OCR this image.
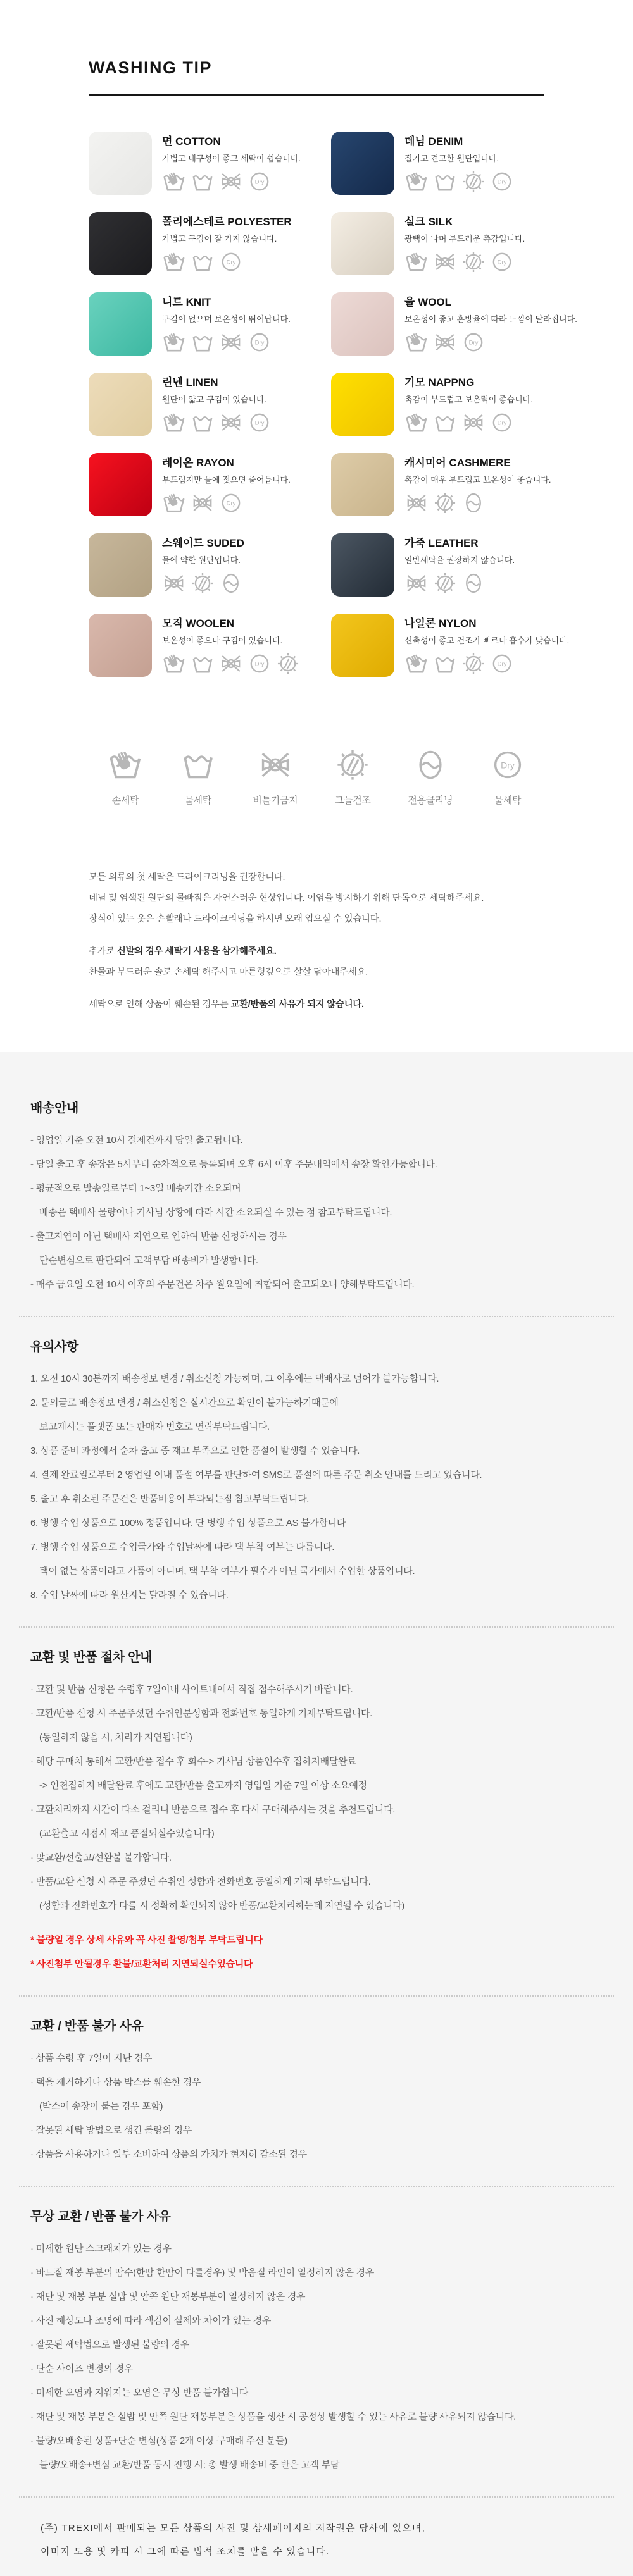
WASHING TIP
면 COTTON
가볍고 내구성이 좋고 세탁이 쉽습니다.
Dry
데님 DENIM
질기고 견고한 원단입니다.
Dry
폴리에스테르 POLYESTER
가볍고 구김이 잘 가지 않습니다.
Dry
실크 SILK
광택이 나며 부드러운 촉감입니다.
Dry
니트 KNIT
구김이 없으며 보온성이 뛰어납니다.
Dry
울 WOOL
보온성이 좋고 혼방율에 따라 느낌이 달라집니다.
Dry
린넨 LINEN
원단이 얇고 구김이 있습니다.
Dry
기모 NAPPNG
촉감이 부드럽고 보온력이 좋습니다.
Dry
레이온 RAYON
부드럽지만 물에 젖으면 줄어듭니다.
Dry
캐시미어 CASHMERE
촉감이 매우 부드럽고 보온성이 좋습니다.
스웨이드 SUDED
물에 약한 원단입니다.
가죽 LEATHER
일반세탁을 권장하지 않습니다.
모직 WOOLEN
보온성이 좋으나 구김이 있습니다.
Dry
나일론 NYLON
신축성이 좋고 건조가 빠르나 흡수가 낮습니다.
Dry
손세탁	물세탁	비틀기금지	그늘건조	전용클리닝
Dry
물세탁
모든 의류의 첫 세탁은 드라이크리닝을 권장합니다.
데님 및 염색된 원단의 물빠짐은 자연스러운 현상입니다. 이염을 방지하기 위해 단독으로 세탁해주세요.
장식이 있는 옷은 손빨래나 드라이크리닝을 하시면 오래 입으실 수 있습니다.
추가로 신발의 경우 세탁기 사용을 삼가해주세요.
찬물과 부드러운 솔로 손세탁 해주시고 마른헝겊으로 살살 닦아내주세요.
세탁으로 인해 상품이 훼손된 경우는 교환/반품의 사유가 되지 않습니다.
배송안내
- 영업일 기준 오전 10시 결제건까지 당일 출고됩니다.
- 당일 출고 후 송장은 5시부터 순차적으로 등록되며 오후 6시 이후 주문내역에서 송장 확인가능합니다.
- 평균적으로 발송일로부터 1~3일 배송기간 소요되며
배송은 택배사 물량이나 기사님 상황에 따라 시간 소요되실 수 있는 점 참고부탁드립니다.
- 출고지연이 아닌 택배사 지연으로 인하여 반품 신청하시는 경우
단순변심으로 판단되어 고객부담 배송비가 발생합니다.
- 매주 금요일 오전 10시 이후의 주문건은 차주 월요일에 취합되어 출고되오니 양해부탁드립니다.
유의사항
1. 오전 10시 30분까지 배송정보 변경 / 취소신청 가능하며, 그 이후에는 택배사로 넘어가 불가능합니다.
2. 문의글로 배송정보 변경 / 취소신청은 실시간으로 확인이 불가능하기때문에
보고계시는 플랫폼 또는 판매자 번호로 연락부탁드립니다.
3. 상품 준비 과정에서 순차 출고 중 재고 부족으로 인한 품절이 발생할 수 있습니다.
4. 결제 완료일로부터 2 영업일 이내 품절 여부를 판단하여 SMS로 품절에 따른 주문 취소 안내를 드리고 있습니다.
5. 출고 후 취소된 주문건은 반품비용이 부과되는점 참고부탁드립니다.
6. 병행 수입 상품으로 100% 정품입니다. 단 병행 수입 상품으로 AS 불가합니다
7. 병행 수입 상품으로 수입국가와 수입날짜에 따라 택 부착 여부는 다릅니다.
택이 없는 상품이라고 가품이 아니며, 택 부착 여부가 필수가 아닌 국가에서 수입한 상품입니다.
8. 수입 날짜에 따라 원산지는 달라질 수 있습니다.
교환 및 반품 절차 안내
· 교환 및 반품 신청은 수령후 7일이내 사이트내에서 직접 접수해주시기 바랍니다.
· 교환/반품 신청 시 주문주셨던 수취인분성함과 전화번호 동일하게 기재부탁드립니다.
(동일하지 않을 시, 처리가 지연됩니다)
· 해당 구매처 통해서 교환/반품 접수 후 회수-> 기사님 상품인수후 집하지배달완료
-> 인천집하지 배달완료 후에도 교환/반품 출고까지 영업일 기준 7일 이상 소요예정
· 교환처리까지 시간이 다소 걸리니 반품으로 접수 후 다시 구매해주시는 것을 추천드립니다.
(교환출고 시점시 재고 품절되실수있습니다)
· 맞교환/선출고/선환불 불가합니다.
· 반품/교환 신청 시 주문 주셨던 수취인 성함과 전화번호 동일하게 기재 부탁드립니다.
(성함과 전화번호가 다를 시 정확히 확인되지 않아 반품/교환처리하는데 지연될 수 있습니다)
* 불량일 경우 상세 사유와 꼭 사진 촬영/첨부 부탁드립니다
* 사진첨부 안될경우 환불/교환처리 지연되실수있습니다
교환 / 반품 불가 사유
· 상품 수령 후 7일이 지난 경우
· 택을 제거하거나 상품 박스를 훼손한 경우
(박스에 송장이 붙는 경우 포함)
· 잘못된 세탁 방법으로 생긴 불량의 경우
· 상품을 사용하거나 일부 소비하여 상품의 가치가 현저히 감소된 경우
무상 교환 / 반품 불가 사유
· 미세한 원단 스크래치가 있는 경우
· 바느질 재봉 부분의 땀수(한땀 한땀이 다를경우) 및 박음질 라인이 일정하지 않은 경우
· 재단 및 재봉 부분 실밥 및 안쪽 원단 재봉부분이 일정하지 않은 경우
· 사진 해상도나 조명에 따라 색감이 실제와 차이가 있는 경우
· 잘못된 세탁법으로 발생된 불량의 경우
· 단순 사이즈 변경의 경우
· 미세한 오염과 지워지는 오염은 무상 반품 불가합니다
· 재단 및 재봉 부분은 실밥 및 안쪽 원단 재봉부분은 상품을 생산 시 공정상 발생할 수 있는 사유로 불량 사유되지 않습니다.
· 불량/오배송된 상품+단순 변심(상품 2개 이상 구매해 주신 분들)
불량/오배송+변심 교환/반품 동시 진행 시: 총 발생 배송비 중 반은 고객 부담
(주) TREXI에서 판매되는 모든 상품의 사진 및 상세페이지의 저작권은 당사에 있으며,
이미지 도용 및 카피 시 그에 따른 법적 조치를 받을 수 있습니다.
